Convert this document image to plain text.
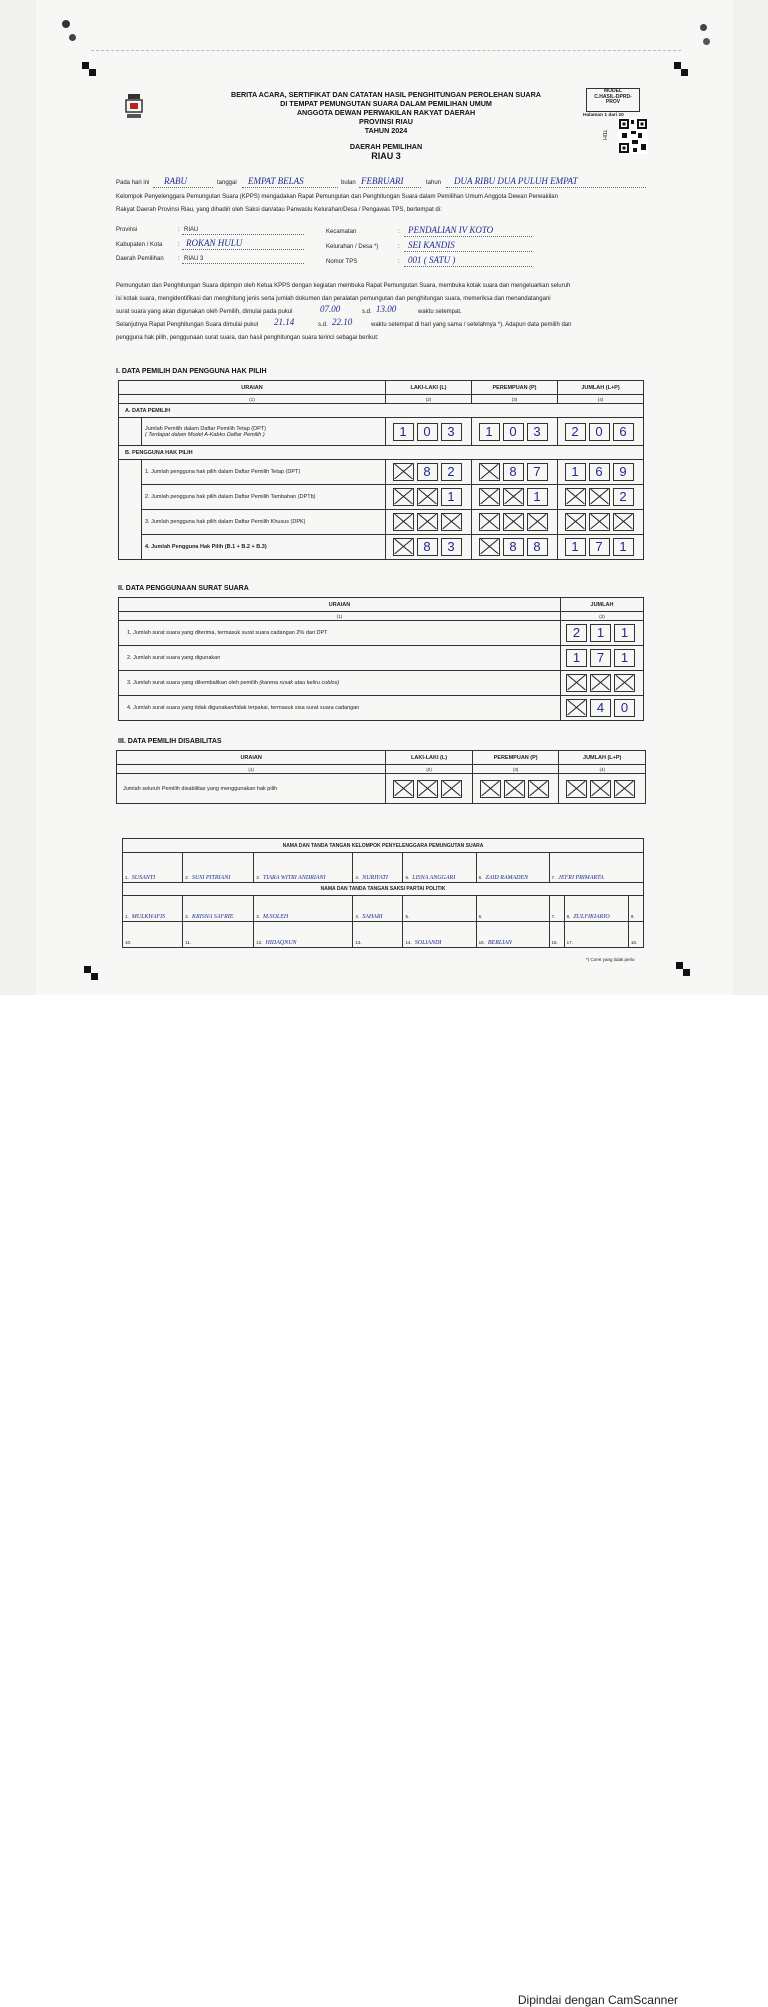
BERITA ACARA, SERTIFIKAT DAN CATATAN HASIL PENGHITUNGAN PEROLEHAN SUARA
DI TEMPAT PEMUNGUTAN SUARA DALAM PEMILIHAN UMUM
ANGGOTA DEWAN PERWAKILAN RAKYAT DAERAH
PROVINSI RIAU
TAHUN 2024
DAERAH PEMILIHAN
RIAU 3
MODEL
C.HASIL-DPRD-
PROV
Halaman 1 dari 20
TDH
Pada hari ini RABU	tanggal EMPAT BELAS	bulan FEBRUARI	tahun DUA RIBU DUA PULUH EMPAT
Kelompok Penyelenggara Pemungutan Suara (KPPS) mengadakan Rapat Pemungutan dan Penghitungan Suara dalam Pemilihan Umum Anggota Dewan Perwakilan
Rakyat Daerah Provinsi Riau, yang dihadiri oleh Saksi dan/atau Panwaslu Kelurahan/Desa / Pengawas TPS, bertempat di:
Provinsi	: RIAU
Kabupaten / Kota	: ROKAN HULU
Daerah Pemilihan : RIAU 3
Kecamatan	: PENDALIAN IV KOTO
Kelurahan / Desa *)	: SEI KANDIS
Nomor TPS	: 001 ( SATU )
Pemungutan dan Penghitungan Suara dipimpin oleh Ketua KPPS dengan kegiatan membuka Rapat Pemungutan Suara, membuka kotak suara dan mengeluarkan seluruh
isi kotak suara, mengidentifikasi dan menghitung jenis serta jumlah dokumen dan peralatan pemungutan dan penghitungan suara, memeriksa dan menandatangani
surat suara yang akan digunakan oleh Pemilih, dimulai pada pukul	07.00	s.d. 13.00	waktu setempat.
Selanjutnya Rapat Penghitungan Suara dimulai pukul 21.14	s.d. 22.10	waktu setempat di hari yang sama / setelahnya *). Adapun data pemilih dan
pengguna hak pilih, penggunaan surat suara, dan hasil penghitungan suara terinci sebagai berikut:
I. DATA PEMILIH DAN PENGGUNA HAK PILIH
URAIAN		LAKI-LAKI (L)	PEREMPUAN (P)	JUMLAH (L+P)
(1)		(2)	(3)	(4)
A. DATA PEMILIH				

	Jumlah Pemilih dalam Daftar Pemilih Tetap (DPT)
( Terdapat dalam Model A-Kabko Daftar Pemilih )	1 0 3	1 0 3	2 0 6
B. PENGGUNA HAK PILIH				
	1. Jumlah pengguna hak pilih dalam Daftar Pemilih Tetap (DPT)	8 2	8 7	1 6 9
	2. Jumlah pengguna hak pilih dalam Daftar Pemilih Tambahan (DPTb)	1	1	2
	3. Jumlah pengguna hak pilih dalam Daftar Pemilih Khusus (DPK)			
	4. Jumlah Pengguna Hak Pilih (B.1 + B.2 + B.3)	8 3	8 8	1 7 1
II. DATA PENGGUNAAN SURAT SUARA
URAIAN	JUMLAH
(1)	(2)
1. Jumlah surat suara yang diterima, termasuk surat suara cadangan 2% dari DPT	2 1 1
2. Jumlah surat suara yang digunakan	1 7 1
3. Jumlah surat suara yang dikembalikan oleh pemilih (karena rusak atau keliru coblos)	
4. Jumlah surat suara yang tidak digunakan/tidak terpakai, termasuk sisa surat suara cadangan	4 0
III. DATA PEMILIH DISABILITAS
URAIAN	LAKI-LAKI (L)	PEREMPUAN (P)	JUMLAH (L+P)
(1)	(2)	(3)	(4)
Jumlah seluruh Pemilih disabilitas yang menggunakan hak pilih			
NAMA DAN TANDA TANGAN KELOMPOK PENYELENGGARA PEMUNGUTAN SUARA								
1. SUSANTI	2. SUSI PITRIANI	3. TIARA WITRI ANDRIANI	4. NURIYATI	5. LISNA ANGGARI	6. ZAID RAMADEN	7. JEFRI PRIMARTA		
NAMA DAN TANDA TANGAN SAKSI PARTAI POLITIK								
1. MULKHAFIS	2. KRISNA SAFRIE	3. M.SOLEH	4. SAHARI	5.	6.	7.	8. ZULFIKIARIO	9.
10.	11.	12. HIDAQNUN	13.	14. SOLIANDI	15. BERLIAN	16.	17.	18.
*) Coret yang tidak perlu
Dipindai dengan CamScanner
